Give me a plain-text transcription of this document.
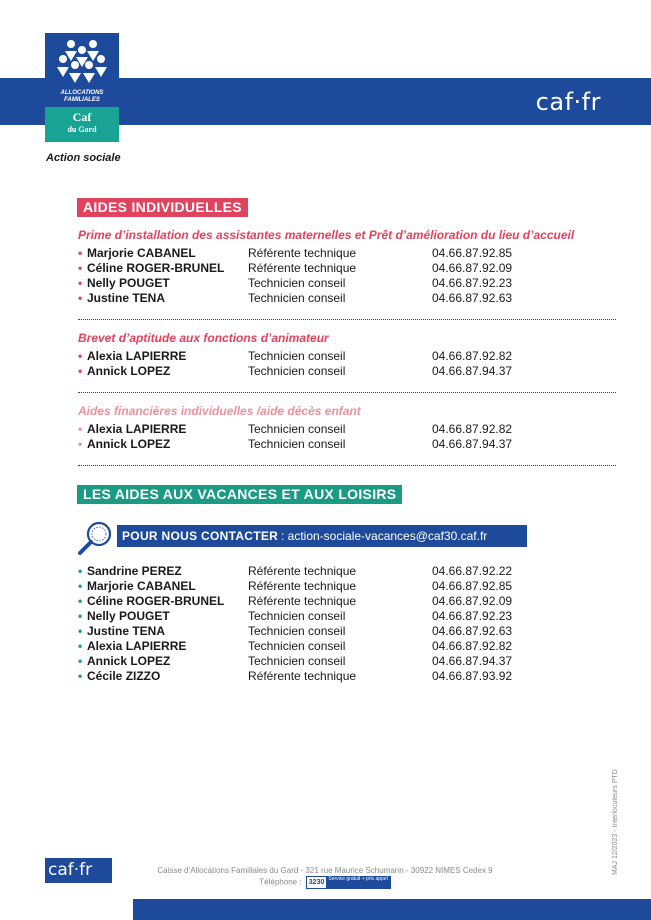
caf·fr
ALLOCATIONS
FAMILIALES
Caf
du Gard
Action sociale
AIDES INDIVIDUELLES
Prime d’installation des assistantes maternelles et Prêt d’amélioration du lieu d’accueil
• Marjorie CABANEL	Référente technique	04.66.87.92.85
• Céline ROGER-BRUNEL Référente technique	04.66.87.92.09
• Nelly POUGET	Technicien conseil	04.66.87.92.23
• Justine TENA	Technicien conseil	04.66.87.92.63
Brevet d’aptitude aux fonctions d’animateur
• Alexia LAPIERRE	Technicien conseil	04.66.87.92.82
• Annick LOPEZ	Technicien conseil	04.66.87.94.37
Aides financières individuelles /aide décès enfant
• Alexia LAPIERRE	Technicien conseil	04.66.87.92.82
• Annick LOPEZ	Technicien conseil	04.66.87.94.37
LES AIDES AUX VACANCES ET AUX LOISIRS
POUR NOUS CONTACTER : action-sociale-vacances@caf30.caf.fr
• Sandrine PEREZ	Référente technique	04.66.87.92.22
• Marjorie CABANEL	Référente technique	04.66.87.92.85
• Céline ROGER-BRUNEL Référente technique	04.66.87.92.09
• Nelly POUGET	Technicien conseil	04.66.87.92.23
• Justine TENA	Technicien conseil	04.66.87.92.63
• Alexia LAPIERRE	Technicien conseil	04.66.87.92.82
• Annick LOPEZ	Technicien conseil	04.66.87.94.37
• Cécile ZIZZO	Référente technique	04.66.87.93.92
MAJ 12/2023 - Interlocuteurs PTD
caf·fr	Caisse d’Allocations Familiales du Gard - 321 rue Maurice Schumann - 30922 NIMES Cedex 9
Téléphone : 3230 Service gratuit + prix appel
